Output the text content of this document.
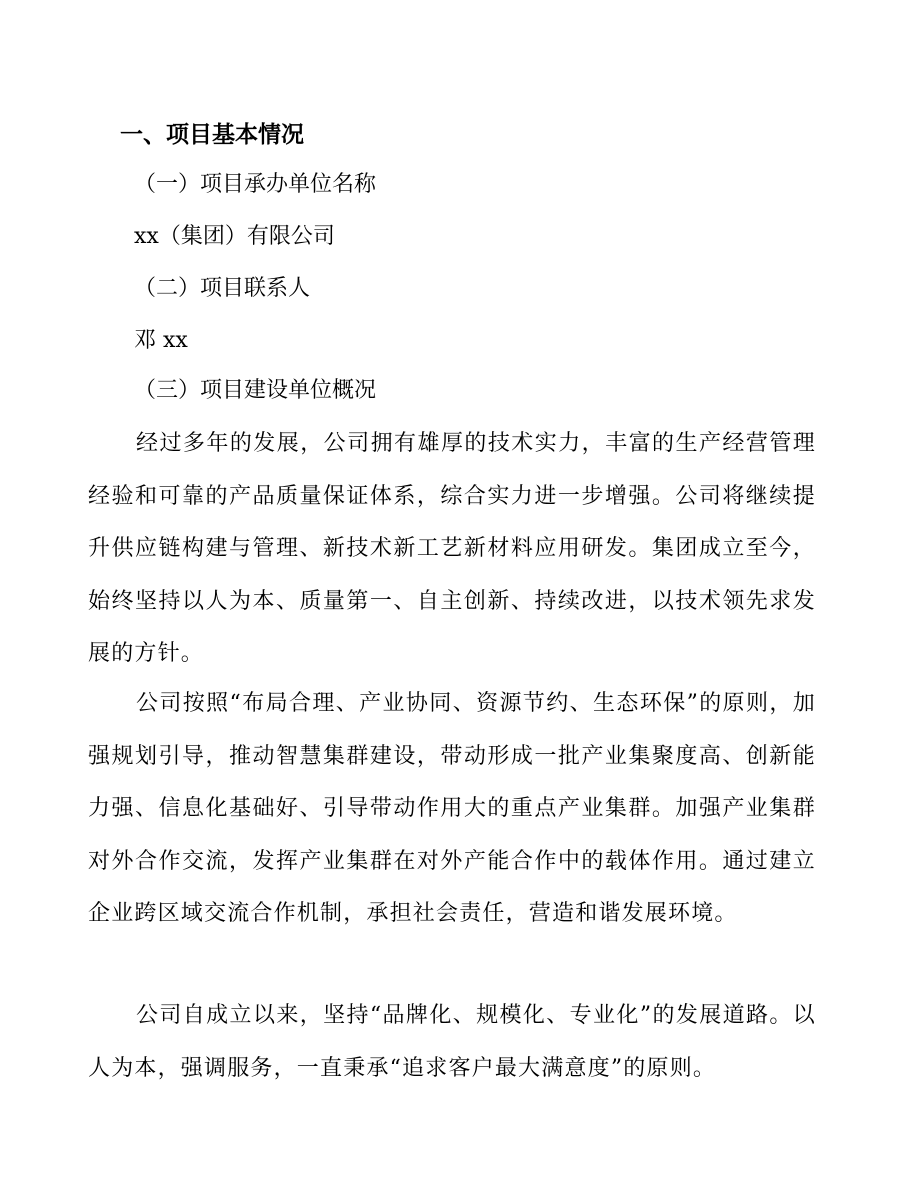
一、项目基本情况
（一）项目承办单位名称
xx（集团）有限公司
（二）项目联系人
邓 xx
（三）项目建设单位概况
经过多年的发展，公司拥有雄厚的技术实力，丰富的生产经营管理经验和可靠的产品质量保证体系，综合实力进一步增强。公司将继续提升供应链构建与管理、新技术新工艺新材料应用研发。集团成立至今，始终坚持以人为本、质量第一、自主创新、持续改进，以技术领先求发展的方针。
公司按照“布局合理、产业协同、资源节约、生态环保”的原则，加强规划引导，推动智慧集群建设，带动形成一批产业集聚度高、创新能力强、信息化基础好、引导带动作用大的重点产业集群。加强产业集群对外合作交流，发挥产业集群在对外产能合作中的载体作用。通过建立企业跨区域交流合作机制，承担社会责任，营造和谐发展环境。
公司自成立以来，坚持“品牌化、规模化、专业化”的发展道路。以人为本，强调服务，一直秉承“追求客户最大满意度”的原则。
